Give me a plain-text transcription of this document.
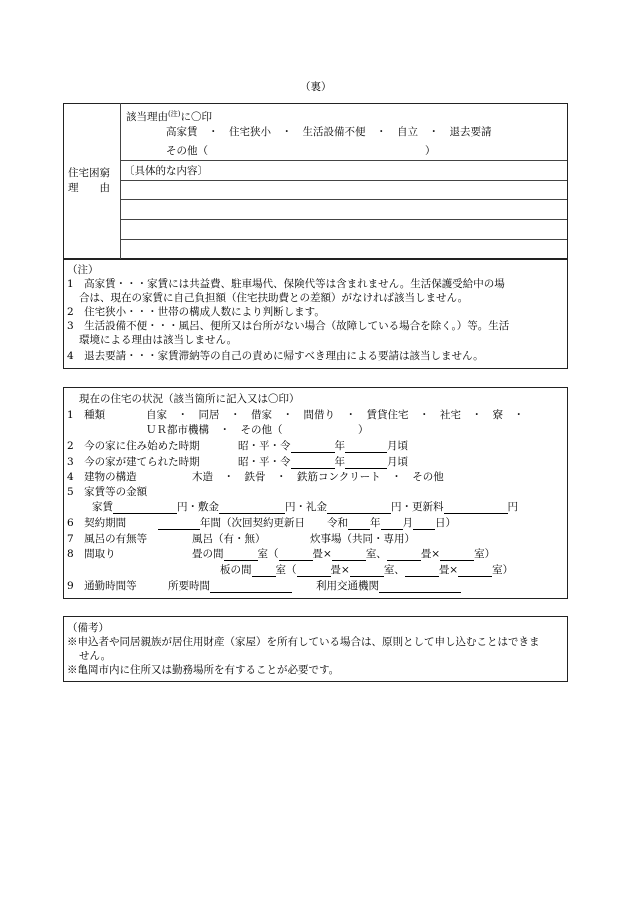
（裏）
住宅困窮
理　　由
該当理由$^{(注)}$に〇印
高家賃　・　住宅狭小　・　生活設備不便　・　自立　・　退去要請
その他（	）
〔具体的な内容〕
（注）
1　高家賃・・・家賃には共益費、駐車場代、保険代等は含まれません。生活保護受給中の場
合は、現在の家賃に自己負担額（住宅扶助費との差額）がなければ該当しません。
2　住宅狭小・・・世帯の構成人数により判断します。
3　生活設備不便・・・風呂、便所又は台所がない場合（故障している場合を除く。）等。生活
環境による理由は該当しません。
4　退去要請・・・家賃滞納等の自己の責めに帰すべき理由による要請は該当しません。
現在の住宅の状況（該当箇所に記入又は〇印）
1　種類	自家　・　同居　・　借家　・　間借り　・　賃貸住宅　・　社宅　・　寮　・
ＵＲ都市機構　・　その他（	）
2　今の家に住み始めた時期	昭・平・令	年	月頃
3　今の家が建てられた時期	昭・平・令	年	月頃
4　建物の構造	木造　・　鉄骨　・　鉄筋コンクリート　・　その他
5　家賃等の金額
家賃	円・敷金	円・礼金	円・更新料	円
6　契約期間	年間（次回契約更新日 令和 年 月 日）
7　風呂の有無等	風呂（有・無）	炊事場（共同・専用）
8　間取り	畳の間	室（	畳×	室、	畳×	室）
板の間 室（	畳×	室、	畳×	室）
9　通勤時間等	所要時間	利用交通機関
（備考）
※申込者や同居親族が居住用財産（家屋）を所有している場合は、原則として申し込むことはできま
せん。
※亀岡市内に住所又は勤務場所を有することが必要です。
